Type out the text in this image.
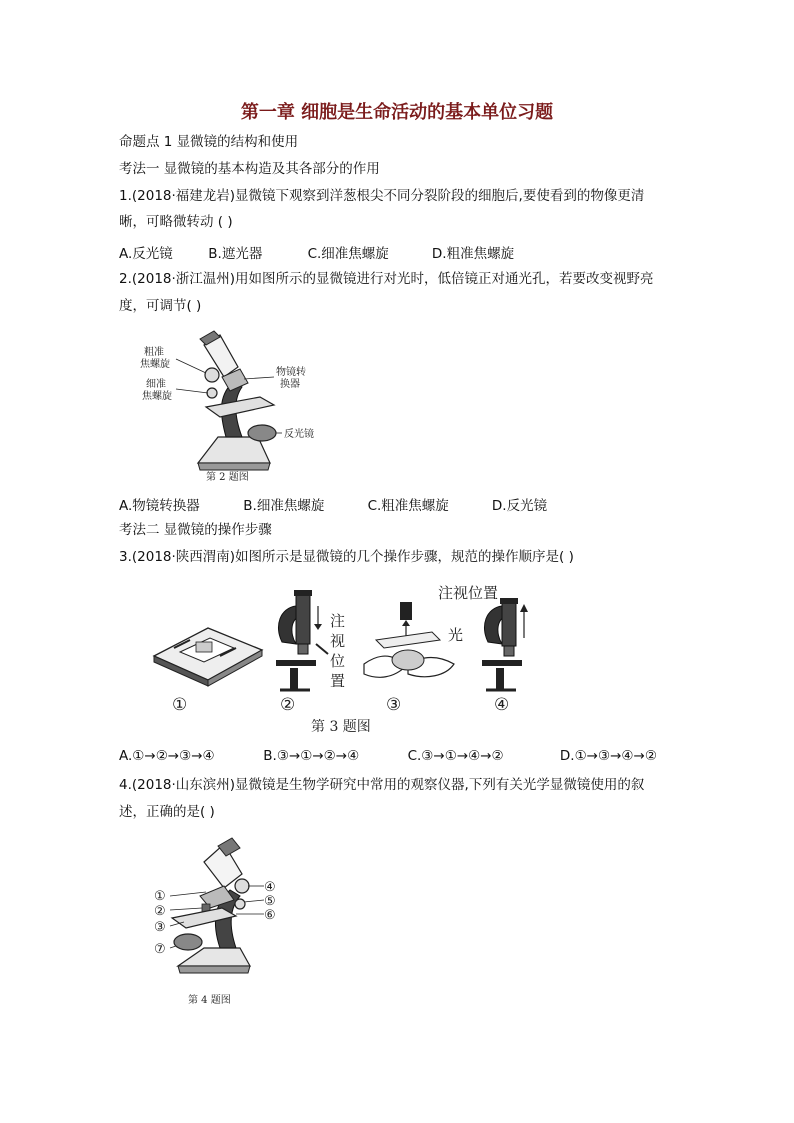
第一章 细胞是生命活动的基本单位习题
命题点 1 显微镜的结构和使用
考法一 显微镜的基本构造及其各部分的作用
1.(2018·福建龙岩)显微镜下观察到洋葱根尖不同分裂阶段的细胞后,要使看到的物像更清
晰，可略微转动 ( )
A.反光镜	B.遮光器	C.细准焦螺旋	D.粗准焦螺旋
2.(2018·浙江温州)用如图所示的显微镜进行对光时，低倍镜正对通光孔，若要改变视野亮
度，可调节( )
粗准
焦螺旋
细准
焦螺旋
物镜转
换器
反光镜
第 2 题图
A.物镜转换器	B.细准焦螺旋	C.粗准焦螺旋	D.反光镜
考法二 显微镜的操作步骤
3.(2018·陕西渭南)如图所示是显微镜的几个操作步骤，规范的操作顺序是( )
注
视
位
置
光
注视位置
①	②	③	④
第 3 题图
A.①→②→③→④	B.③→①→②→④	C.③→①→④→②	D.①→③→④→②
4.(2018·山东滨州)显微镜是生物学研究中常用的观察仪器,下列有关光学显微镜使用的叙
述，正确的是( )
①
②
③
④
⑤
⑥
⑦
第 4 题图
